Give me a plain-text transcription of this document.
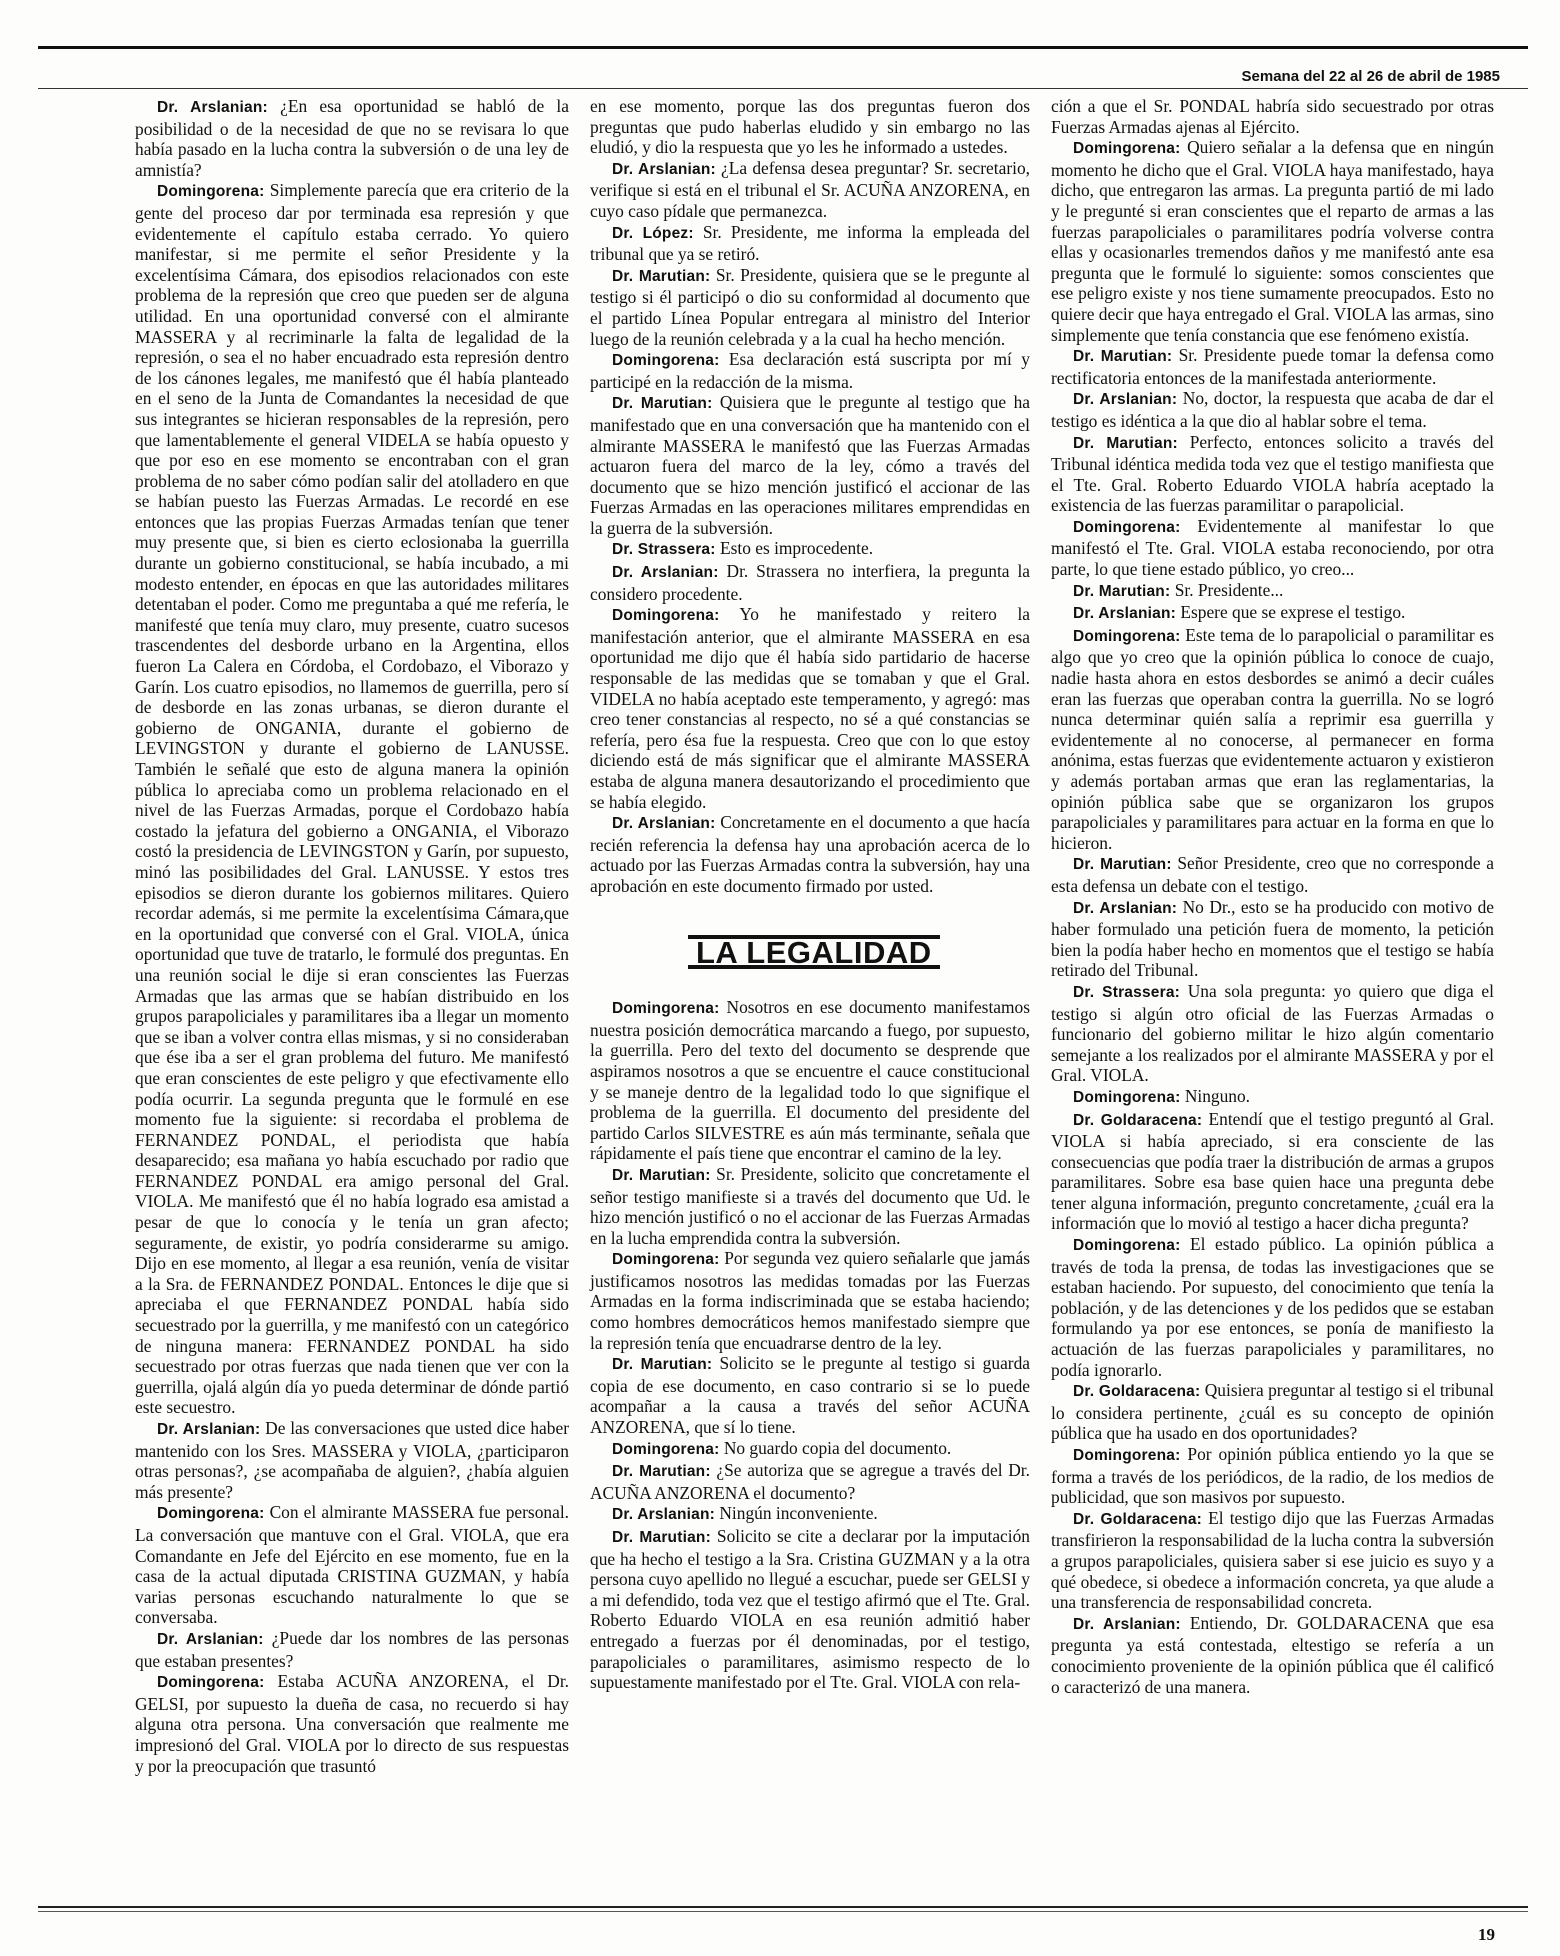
Semana del 22 al 26 de abril de 1985

Dr. Arslanian: ¿En esa oportunidad se habló de la posibilidad o de la necesidad de que no se revisara lo que había pasado en la lucha contra la subversión o de una ley de amnistía?

Domingorena: Simplemente parecía que era criterio de la gente del proceso dar por terminada esa represión y que evidentemente el capítulo estaba cerrado. Yo quiero manifestar, si me permite el señor Presidente y la excelentísima Cámara, dos episodios relacionados con este problema de la represión que creo que pueden ser de alguna utilidad. En una oportunidad conversé con el almirante MASSERA y al recriminarle la falta de legalidad de la represión, o sea el no haber encuadrado esta represión dentro de los cánones legales, me manifestó que él había planteado en el seno de la Junta de Comandantes la necesidad de que sus integrantes se hicieran responsables de la represión, pero que lamentablemente el general VIDELA se había opuesto y que por eso en ese momento se encontraban con el gran problema de no saber cómo podían salir del atolladero en que se habían puesto las Fuerzas Armadas. Le recordé en ese entonces que las propias Fuerzas Armadas tenían que tener muy presente que, si bien es cierto eclosionaba la guerrilla durante un gobierno constitucional, se había incubado, a mi modesto entender, en épocas en que las autoridades militares detentaban el poder. Como me preguntaba a qué me refería, le manifesté que tenía muy claro, muy presente, cuatro sucesos trascendentes del desborde urbano en la Argentina, ellos fueron La Calera en Córdoba, el Cordobazo, el Viborazo y Garín. Los cuatro episodios, no llamemos de guerrilla, pero sí de desborde en las zonas urbanas, se dieron durante el gobierno de ONGANIA, durante el gobierno de LEVINGSTON y durante el gobierno de LANUSSE. También le señalé que esto de alguna manera la opinión pública lo apreciaba como un problema relacionado en el nivel de las Fuerzas Armadas, porque el Cordobazo había costado la jefatura del gobierno a ONGANIA, el Viborazo costó la presidencia de LEVINGSTON y Garín, por supuesto, minó las posibilidades del Gral. LANUSSE. Y estos tres episodios se dieron durante los gobiernos militares. Quiero recordar además, si me permite la excelentísima Cámara,que en la oportunidad que conversé con el Gral. VIOLA, única oportunidad que tuve de tratarlo, le formulé dos preguntas. En una reunión social le dije si eran conscientes las Fuerzas Armadas que las armas que se habían distribuido en los grupos parapoliciales y paramilitares iba a llegar un momento que se iban a volver contra ellas mismas, y si no consideraban que ése iba a ser el gran problema del futuro. Me manifestó que eran conscientes de este peligro y que efectivamente ello podía ocurrir. La segunda pregunta que le formulé en ese momento fue la siguiente: si recordaba el problema de FERNANDEZ PONDAL, el periodista que había desaparecido; esa mañana yo había escuchado por radio que FERNANDEZ PONDAL era amigo personal del Gral. VIOLA. Me manifestó que él no había logrado esa amistad a pesar de que lo conocía y le tenía un gran afecto; seguramente, de existir, yo podría considerarme su amigo. Dijo en ese momento, al llegar a esa reunión, venía de visitar a la Sra. de FERNANDEZ PONDAL. Entonces le dije que si apreciaba el que FERNANDEZ PONDAL había sido secuestrado por la guerrilla, y me manifestó con un categórico de ninguna manera: FERNANDEZ PONDAL ha sido secuestrado por otras fuerzas que nada tienen que ver con la guerrilla, ojalá algún día yo pueda determinar de dónde partió este secuestro.

Dr. Arslanian: De las conversaciones que usted dice haber mantenido con los Sres. MASSERA y VIOLA, ¿participaron otras personas?, ¿se acompañaba de alguien?, ¿había alguien más presente?

Domingorena: Con el almirante MASSERA fue personal. La conversación que mantuve con el Gral. VIOLA, que era Comandante en Jefe del Ejército en ese momento, fue en la casa de la actual diputada CRISTINA GUZMAN, y había varias personas escuchando naturalmente lo que se conversaba.

Dr. Arslanian: ¿Puede dar los nombres de las personas que estaban presentes?

Domingorena: Estaba ACUÑA ANZORENA, el Dr. GELSI, por supuesto la dueña de casa, no recuerdo si hay alguna otra persona. Una conversación que realmente me impresionó del Gral. VIOLA por lo directo de sus respuestas y por la preocupación que trasuntó

en ese momento, porque las dos preguntas fueron dos preguntas que pudo haberlas eludido y sin embargo no las eludió, y dio la respuesta que yo les he informado a ustedes.

Dr. Arslanian: ¿La defensa desea preguntar? Sr. secretario, verifique si está en el tribunal el Sr. ACUÑA ANZORENA, en cuyo caso pídale que permanezca.

Dr. López: Sr. Presidente, me informa la empleada del tribunal que ya se retiró.

Dr. Marutian: Sr. Presidente, quisiera que se le pregunte al testigo si él participó o dio su conformidad al documento que el partido Línea Popular entregara al ministro del Interior luego de la reunión celebrada y a la cual ha hecho mención.

Domingorena: Esa declaración está suscripta por mí y participé en la redacción de la misma.

Dr. Marutian: Quisiera que le pregunte al testigo que ha manifestado que en una conversación que ha mantenido con el almirante MASSERA le manifestó que las Fuerzas Armadas actuaron fuera del marco de la ley, cómo a través del documento que se hizo mención justificó el accionar de las Fuerzas Armadas en las operaciones militares emprendidas en la guerra de la subversión.

Dr. Strassera: Esto es improcedente.

Dr. Arslanian: Dr. Strassera no interfiera, la pregunta la considero procedente.

Domingorena: Yo he manifestado y reitero la manifestación anterior, que el almirante MASSERA en esa oportunidad me dijo que él había sido partidario de hacerse responsable de las medidas que se tomaban y que el Gral. VIDELA no había aceptado este temperamento, y agregó: mas creo tener constancias al respecto, no sé a qué constancias se refería, pero ésa fue la respuesta. Creo que con lo que estoy diciendo está de más significar que el almirante MASSERA estaba de alguna manera desautorizando el procedimiento que se había elegido.

Dr. Arslanian: Concretamente en el documento a que hacía recién referencia la defensa hay una aprobación acerca de lo actuado por las Fuerzas Armadas contra la subversión, hay una aprobación en este documento firmado por usted.

LA LEGALIDAD

Domingorena: Nosotros en ese documento manifestamos nuestra posición democrática marcando a fuego, por supuesto, la guerrilla. Pero del texto del documento se desprende que aspiramos nosotros a que se encuentre el cauce constitucional y se maneje dentro de la legalidad todo lo que signifique el problema de la guerrilla. El documento del presidente del partido Carlos SILVESTRE es aún más terminante, señala que rápidamente el país tiene que encontrar el camino de la ley.

Dr. Marutian: Sr. Presidente, solicito que concretamente el señor testigo manifieste si a través del documento que Ud. le hizo mención justificó o no el accionar de las Fuerzas Armadas en la lucha emprendida contra la subversión.

Domingorena: Por segunda vez quiero señalarle que jamás justificamos nosotros las medidas tomadas por las Fuerzas Armadas en la forma indiscriminada que se estaba haciendo; como hombres democráticos hemos manifestado siempre que la represión tenía que encuadrarse dentro de la ley.

Dr. Marutian: Solicito se le pregunte al testigo si guarda copia de ese documento, en caso contrario si se lo puede acompañar a la causa a través del señor ACUÑA ANZORENA, que sí lo tiene.

Domingorena: No guardo copia del documento.

Dr. Marutian: ¿Se autoriza que se agregue a través del Dr. ACUÑA ANZORENA el documento?

Dr. Arslanian: Ningún inconveniente.

Dr. Marutian: Solicito se cite a declarar por la imputación que ha hecho el testigo a la Sra. Cristina GUZMAN y a la otra persona cuyo apellido no llegué a escuchar, puede ser GELSI y a mi defendido, toda vez que el testigo afirmó que el Tte. Gral. Roberto Eduardo VIOLA en esa reunión admitió haber entregado a fuerzas por él denominadas, por el testigo, parapoliciales o paramilitares, asimismo respecto de lo supuestamente manifestado por el Tte. Gral. VIOLA con rela-

ción a que el Sr. PONDAL habría sido secuestrado por otras Fuerzas Armadas ajenas al Ejército.

Domingorena: Quiero señalar a la defensa que en ningún momento he dicho que el Gral. VIOLA haya manifestado, haya dicho, que entregaron las armas. La pregunta partió de mi lado y le pregunté si eran conscientes que el reparto de armas a las fuerzas parapoliciales o paramilitares podría volverse contra ellas y ocasionarles tremendos daños y me manifestó ante esa pregunta que le formulé lo siguiente: somos conscientes que ese peligro existe y nos tiene sumamente preocupados. Esto no quiere decir que haya entregado el Gral. VIOLA las armas, sino simplemente que tenía constancia que ese fenómeno existía.

Dr. Marutian: Sr. Presidente puede tomar la defensa como rectificatoria entonces de la manifestada anteriormente.

Dr. Arslanian: No, doctor, la respuesta que acaba de dar el testigo es idéntica a la que dio al hablar sobre el tema.

Dr. Marutian: Perfecto, entonces solicito a través del Tribunal idéntica medida toda vez que el testigo manifiesta que el Tte. Gral. Roberto Eduardo VIOLA habría aceptado la existencia de las fuerzas paramilitar o parapolicial.

Domingorena: Evidentemente al manifestar lo que manifestó el Tte. Gral. VIOLA estaba reconociendo, por otra parte, lo que tiene estado público, yo creo...

Dr. Marutian: Sr. Presidente...

Dr. Arslanian: Espere que se exprese el testigo.

Domingorena: Este tema de lo parapolicial o paramilitar es algo que yo creo que la opinión pública lo conoce de cuajo, nadie hasta ahora en estos desbordes se animó a decir cuáles eran las fuerzas que operaban contra la guerrilla. No se logró nunca determinar quién salía a reprimir esa guerrilla y evidentemente al no conocerse, al permanecer en forma anónima, estas fuerzas que evidentemente actuaron y existieron y además portaban armas que eran las reglamentarias, la opinión pública sabe que se organizaron los grupos parapoliciales y paramilitares para actuar en la forma en que lo hicieron.

Dr. Marutian: Señor Presidente, creo que no corresponde a esta defensa un debate con el testigo.

Dr. Arslanian: No Dr., esto se ha producido con motivo de haber formulado una petición fuera de momento, la petición bien la podía haber hecho en momentos que el testigo se había retirado del Tribunal.

Dr. Strassera: Una sola pregunta: yo quiero que diga el testigo si algún otro oficial de las Fuerzas Armadas o funcionario del gobierno militar le hizo algún comentario semejante a los realizados por el almirante MASSERA y por el Gral. VIOLA.

Domingorena: Ninguno.

Dr. Goldaracena: Entendí que el testigo preguntó al Gral. VIOLA si había apreciado, si era consciente de las consecuencias que podía traer la distribución de armas a grupos paramilitares. Sobre esa base quien hace una pregunta debe tener alguna información, pregunto concretamente, ¿cuál era la información que lo movió al testigo a hacer dicha pregunta?

Domingorena: El estado público. La opinión pública a través de toda la prensa, de todas las investigaciones que se estaban haciendo. Por supuesto, del conocimiento que tenía la población, y de las detenciones y de los pedidos que se estaban formulando ya por ese entonces, se ponía de manifiesto la actuación de las fuerzas parapoliciales y paramilitares, no podía ignorarlo.

Dr. Goldaracena: Quisiera preguntar al testigo si el tribunal lo considera pertinente, ¿cuál es su concepto de opinión pública que ha usado en dos oportunidades?

Domingorena: Por opinión pública entiendo yo la que se forma a través de los periódicos, de la radio, de los medios de publicidad, que son masivos por supuesto.

Dr. Goldaracena: El testigo dijo que las Fuerzas Armadas transfirieron la responsabilidad de la lucha contra la subversión a grupos parapoliciales, quisiera saber si ese juicio es suyo y a qué obedece, si obedece a información concreta, ya que alude a una transferencia de responsabilidad concreta.

Dr. Arslanian: Entiendo, Dr. GOLDARACENA que esa pregunta ya está contestada, eltestigo se refería a un conocimiento proveniente de la opinión pública que él calificó o caracterizó de una manera.

19
